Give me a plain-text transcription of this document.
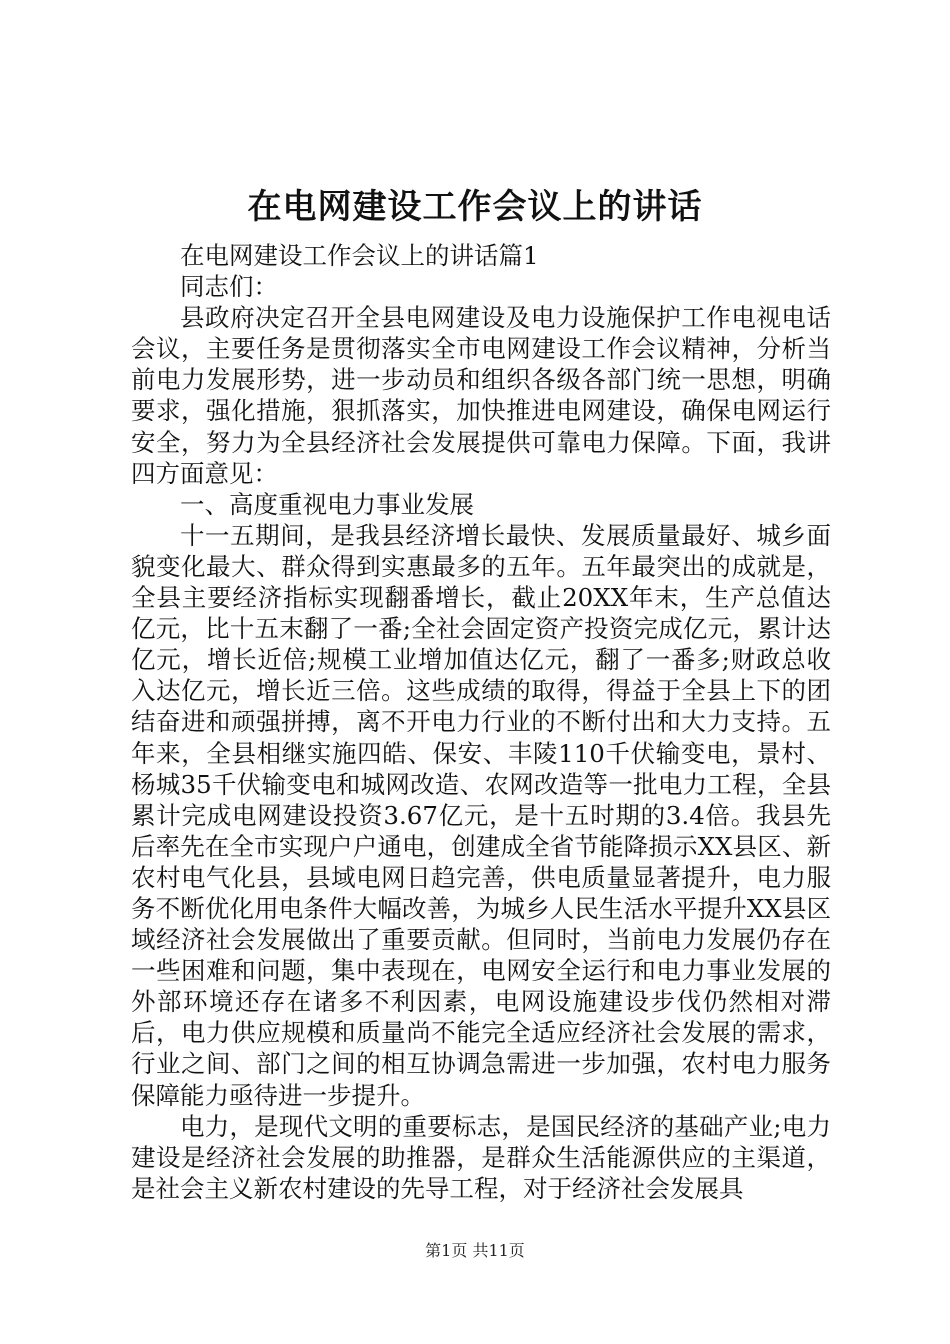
在电网建设工作会议上的讲话

在电网建设工作会议上的讲话篇1

同志们：

县政府决定召开全县电网建设及电力设施保护工作电视电话会议，主要任务是贯彻落实全市电网建设工作会议精神，分析当前电力发展形势，进一步动员和组织各级各部门统一思想，明确要求，强化措施，狠抓落实，加快推进电网建设，确保电网运行安全，努力为全县经济社会发展提供可靠电力保障。下面，我讲四方面意见：

一、高度重视电力事业发展

十一五期间，是我县经济增长最快、发展质量最好、城乡面貌变化最大、群众得到实惠最多的五年。五年最突出的成就是，全县主要经济指标实现翻番增长，截止20XX年末，生产总值达亿元，比十五末翻了一番;全社会固定资产投资完成亿元，累计达亿元，增长近倍;规模工业增加值达亿元，翻了一番多;财政总收入达亿元，增长近三倍。这些成绩的取得，得益于全县上下的团结奋进和顽强拼搏，离不开电力行业的不断付出和大力支持。五年来，全县相继实施四皓、保安、丰陵110千伏输变电，景村、杨城35千伏输变电和城网改造、农网改造等一批电力工程，全县累计完成电网建设投资3.67亿元，是十五时期的3.4倍。我县先后率先在全市实现户户通电，创建成全省节能降损示XX县区、新农村电气化县，县域电网日趋完善，供电质量显著提升，电力服务不断优化用电条件大幅改善，为城乡人民生活水平提升XX县区域经济社会发展做出了重要贡献。但同时，当前电力发展仍存在一些困难和问题，集中表现在，电网安全运行和电力事业发展的外部环境还存在诸多不利因素，电网设施建设步伐仍然相对滞后，电力供应规模和质量尚不能完全适应经济社会发展的需求，行业之间、部门之间的相互协调急需进一步加强，农村电力服务保障能力亟待进一步提升。

电力，是现代文明的重要标志，是国民经济的基础产业;电力建设是经济社会发展的助推器，是群众生活能源供应的主渠道，是社会主义新农村建设的先导工程，对于经济社会发展具

第1页 共11页
